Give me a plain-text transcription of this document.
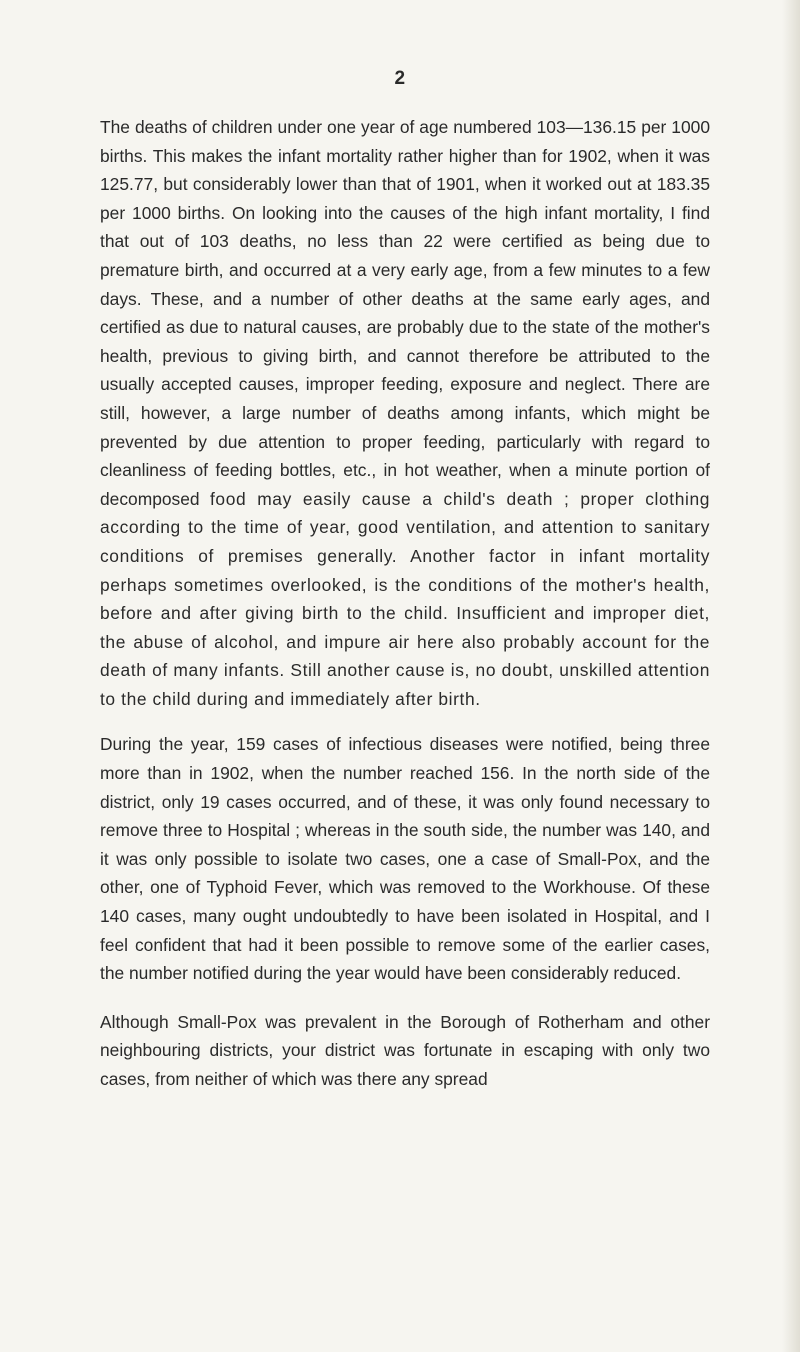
2

The deaths of children under one year of age numbered 103—136.15 per 1000 births. This makes the infant mortality rather higher than for 1902, when it was 125.77, but considerably lower than that of 1901, when it worked out at 183.35 per 1000 births. On looking into the causes of the high infant mortality, I find that out of 103 deaths, no less than 22 were certified as being due to premature birth, and occurred at a very early age, from a few minutes to a few days. These, and a number of other deaths at the same early ages, and certified as due to natural causes, are probably due to the state of the mother's health, previous to giving birth, and cannot therefore be attributed to the usually accepted causes, improper feeding, exposure and neglect. There are still, however, a large number of deaths among infants, which might be prevented by due attention to proper feeding, particularly with regard to cleanliness of feeding bottles, etc., in hot weather, when a minute portion of decomposed food may easily cause a child's death ; proper clothing according to the time of year, good ventilation, and attention to sanitary conditions of premises generally. Another factor in infant mortality perhaps sometimes overlooked, is the conditions of the mother's health, before and after giving birth to the child. Insufficient and improper diet, the abuse of alcohol, and impure air here also probably account for the death of many infants. Still another cause is, no doubt, unskilled attention to the child during and immediately after birth.

During the year, 159 cases of infectious diseases were notified, being three more than in 1902, when the number reached 156. In the north side of the district, only 19 cases occurred, and of these, it was only found necessary to remove three to Hospital ; whereas in the south side, the number was 140, and it was only possible to isolate two cases, one a case of Small-Pox, and the other, one of Typhoid Fever, which was removed to the Workhouse. Of these 140 cases, many ought undoubtedly to have been isolated in Hospital, and I feel confident that had it been possible to remove some of the earlier cases, the number notified during the year would have been considerably reduced.

Although Small-Pox was prevalent in the Borough of Rotherham and other neighbouring districts, your district was fortunate in escaping with only two cases, from neither of which was there any spread
